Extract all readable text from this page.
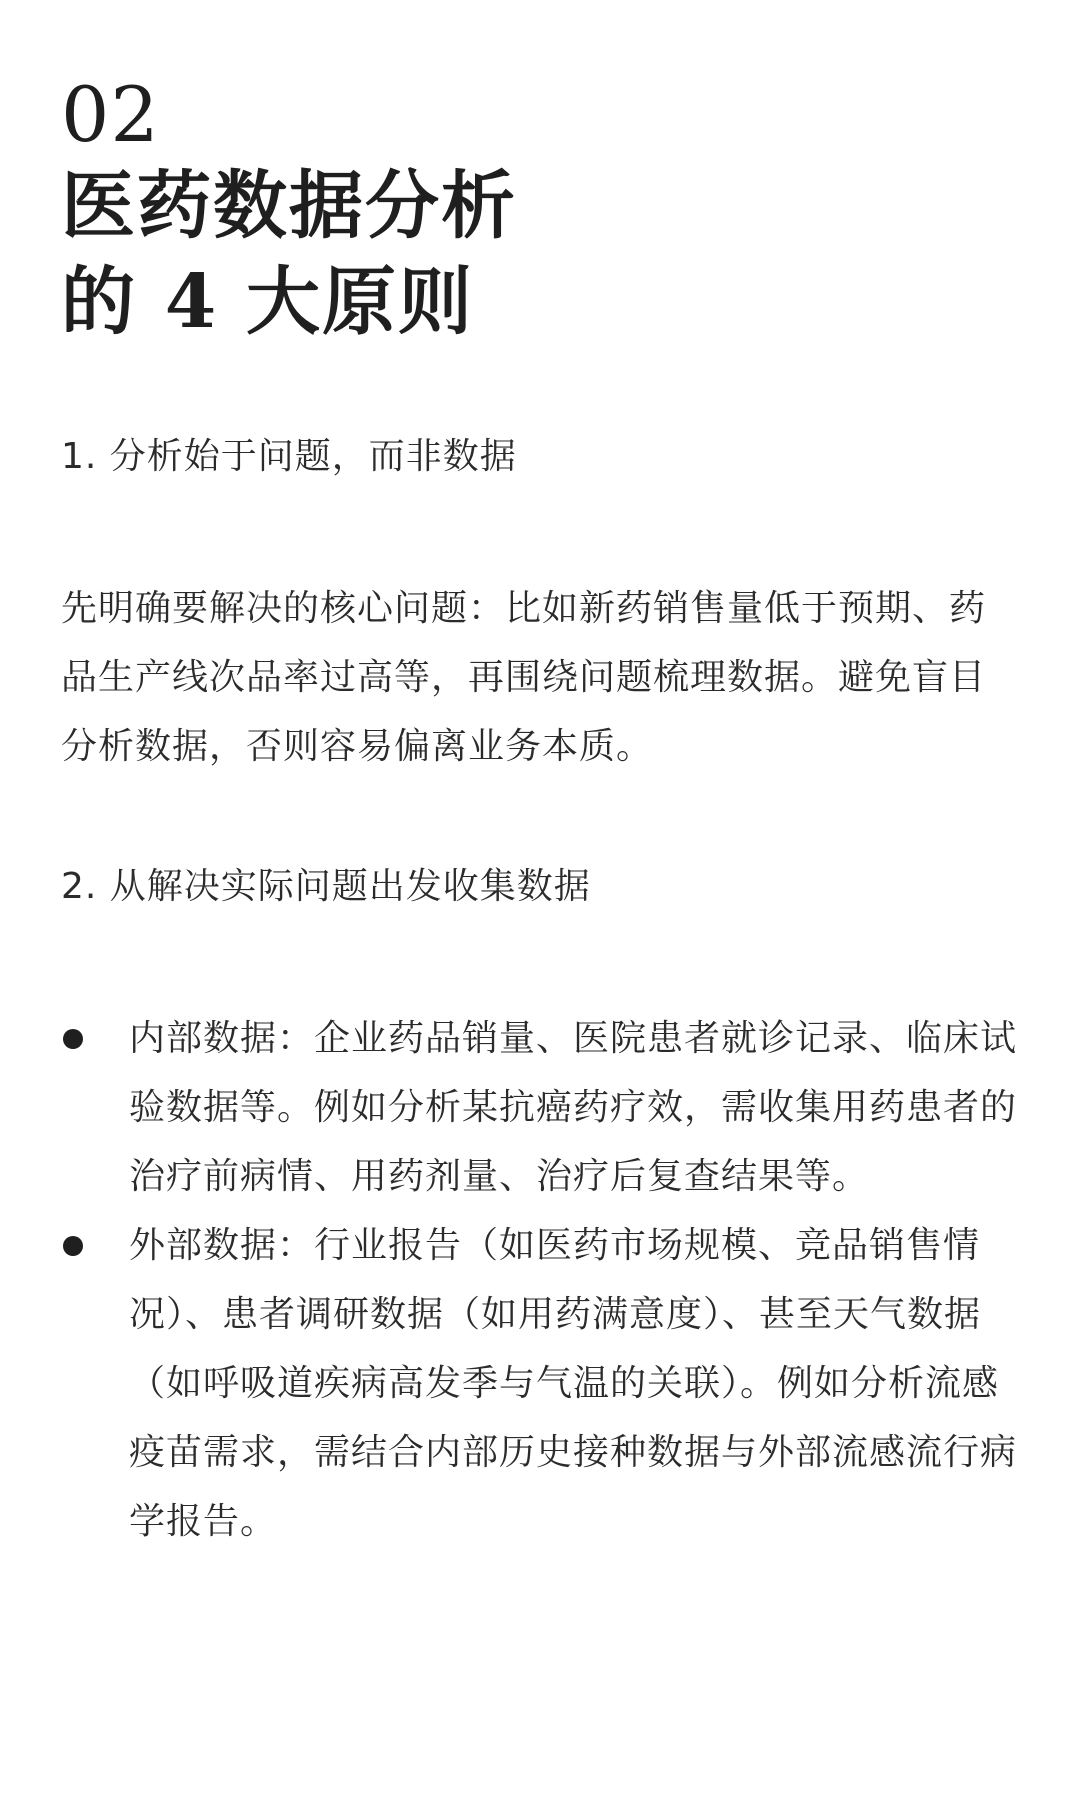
02
医药数据分析
的 4 大原则
1. 分析始于问题，而非数据
先明确要解决的核心问题：比如新药销售量低于预期、药品生产线次品率过高等，再围绕问题梳理数据。避免盲目分析数据，否则容易偏离业务本质。
2. 从解决实际问题出发收集数据
内部数据：企业药品销量、医院患者就诊记录、临床试验数据等。例如分析某抗癌药疗效，需收集用药患者的治疗前病情、用药剂量、治疗后复查结果等。
外部数据：行业报告（如医药市场规模、竞品销售情况）、患者调研数据（如用药满意度）、甚至天气数据（如呼吸道疾病高发季与气温的关联）。例如分析流感疫苗需求，需结合内部历史接种数据与外部流感流行病学报告。
